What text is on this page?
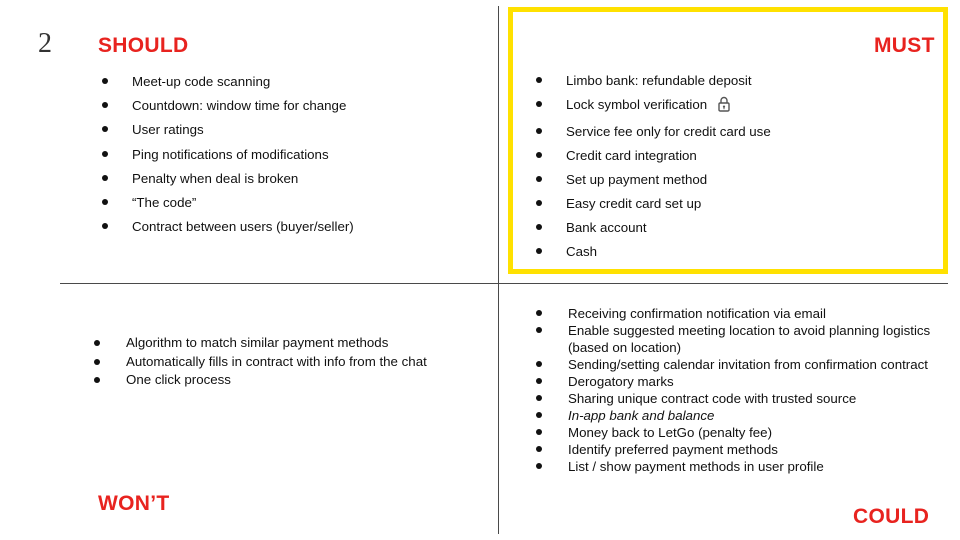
2 SHOULD	MUST
WON’T
COULD
Meet-up code scanning
Countdown: window time for change
User ratings
Ping notifications of modifications
Penalty when deal is broken
“The code”
Contract between users (buyer/seller)
Limbo bank: refundable deposit
Lock symbol verification
Service fee only for credit card use
Credit card integration
Set up payment method
Easy credit card set up
Bank account
Cash
Algorithm to match similar payment methods
Automatically fills in contract with info from the chat
One click process
Receiving confirmation notification via email
Enable suggested meeting location to avoid planning logistics (based on location)
Sending/setting calendar invitation from confirmation contract
Derogatory marks
Sharing unique contract code with trusted source
In-app bank and balance
Money back to LetGo (penalty fee)
Identify preferred payment methods
List / show payment methods in user profile
